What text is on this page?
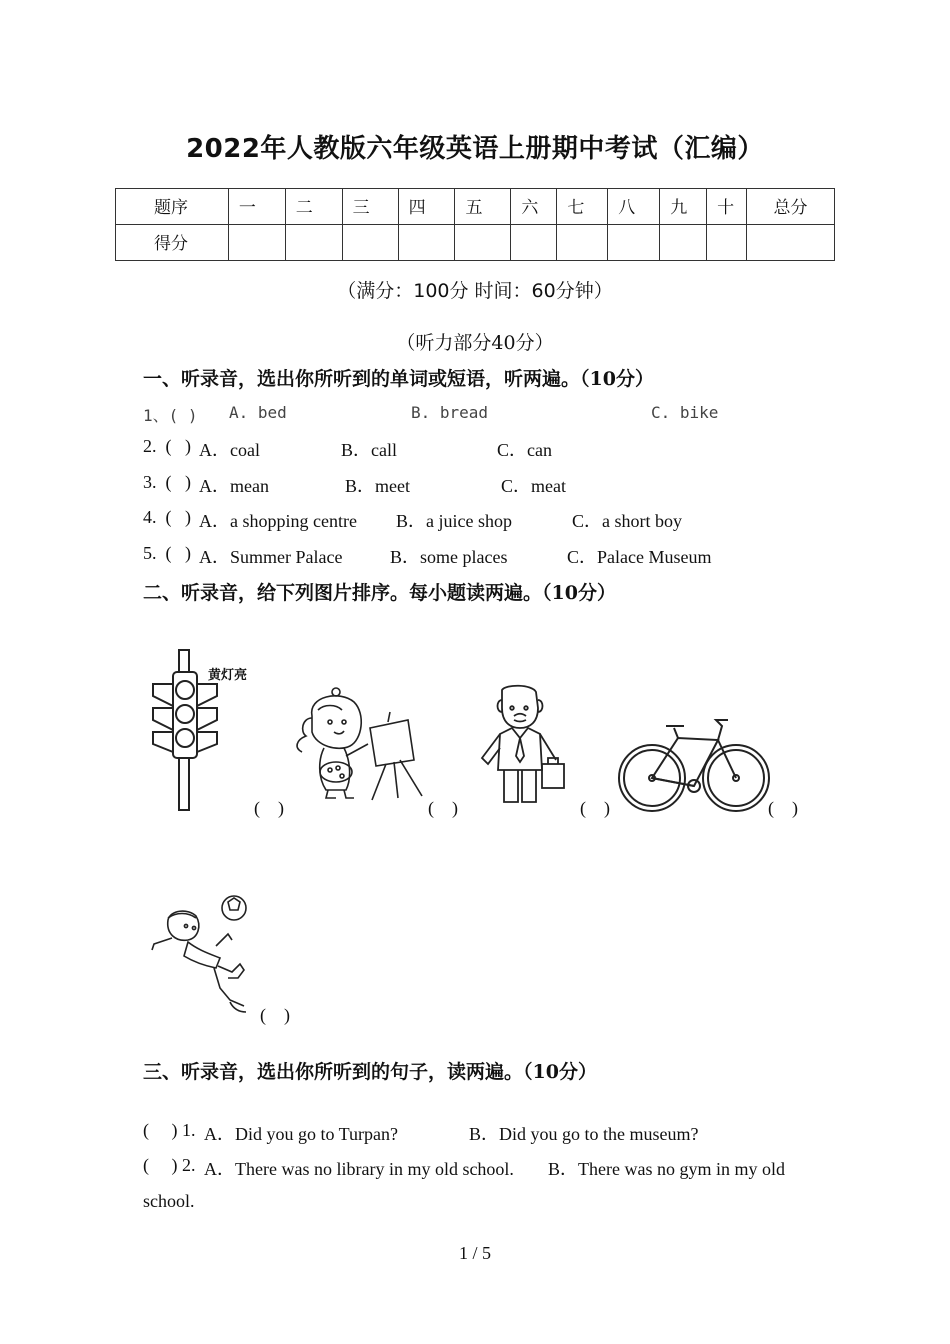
2022年人教版六年级英语上册期中考试（汇编）
题序	一	二	三	四	五	六	七	八	九	十	总分
得分											
（满分：100分 时间：60分钟）
（听力部分40分）
一、听录音，选出你所听到的单词或短语，听两遍。（10分）
1、( ) A. bed	B. bread	C. bike
2.  (   ) A．coal	B．call	C．can
3.  (   ) A．mean	B．meet	C．meat
4.  (   ) A．a shopping centre B．a juice shop	C．a short boy
5.  (   ) A．Summer Palace	B．some places	C．Palace Museum
二、听录音，给下列图片排序。每小题读两遍。（10分）
黄灯亮
(    )	(    )	(    )	(    )
(    )
三、听录音，选出你所听到的句子，读两遍。（10分）
(     ) 1. A．Did you go to Turpan?	B．Did you go to the museum?
(     ) 2. A．There was no library in my old school. B．There was no gym in my old
school.
1 / 5
